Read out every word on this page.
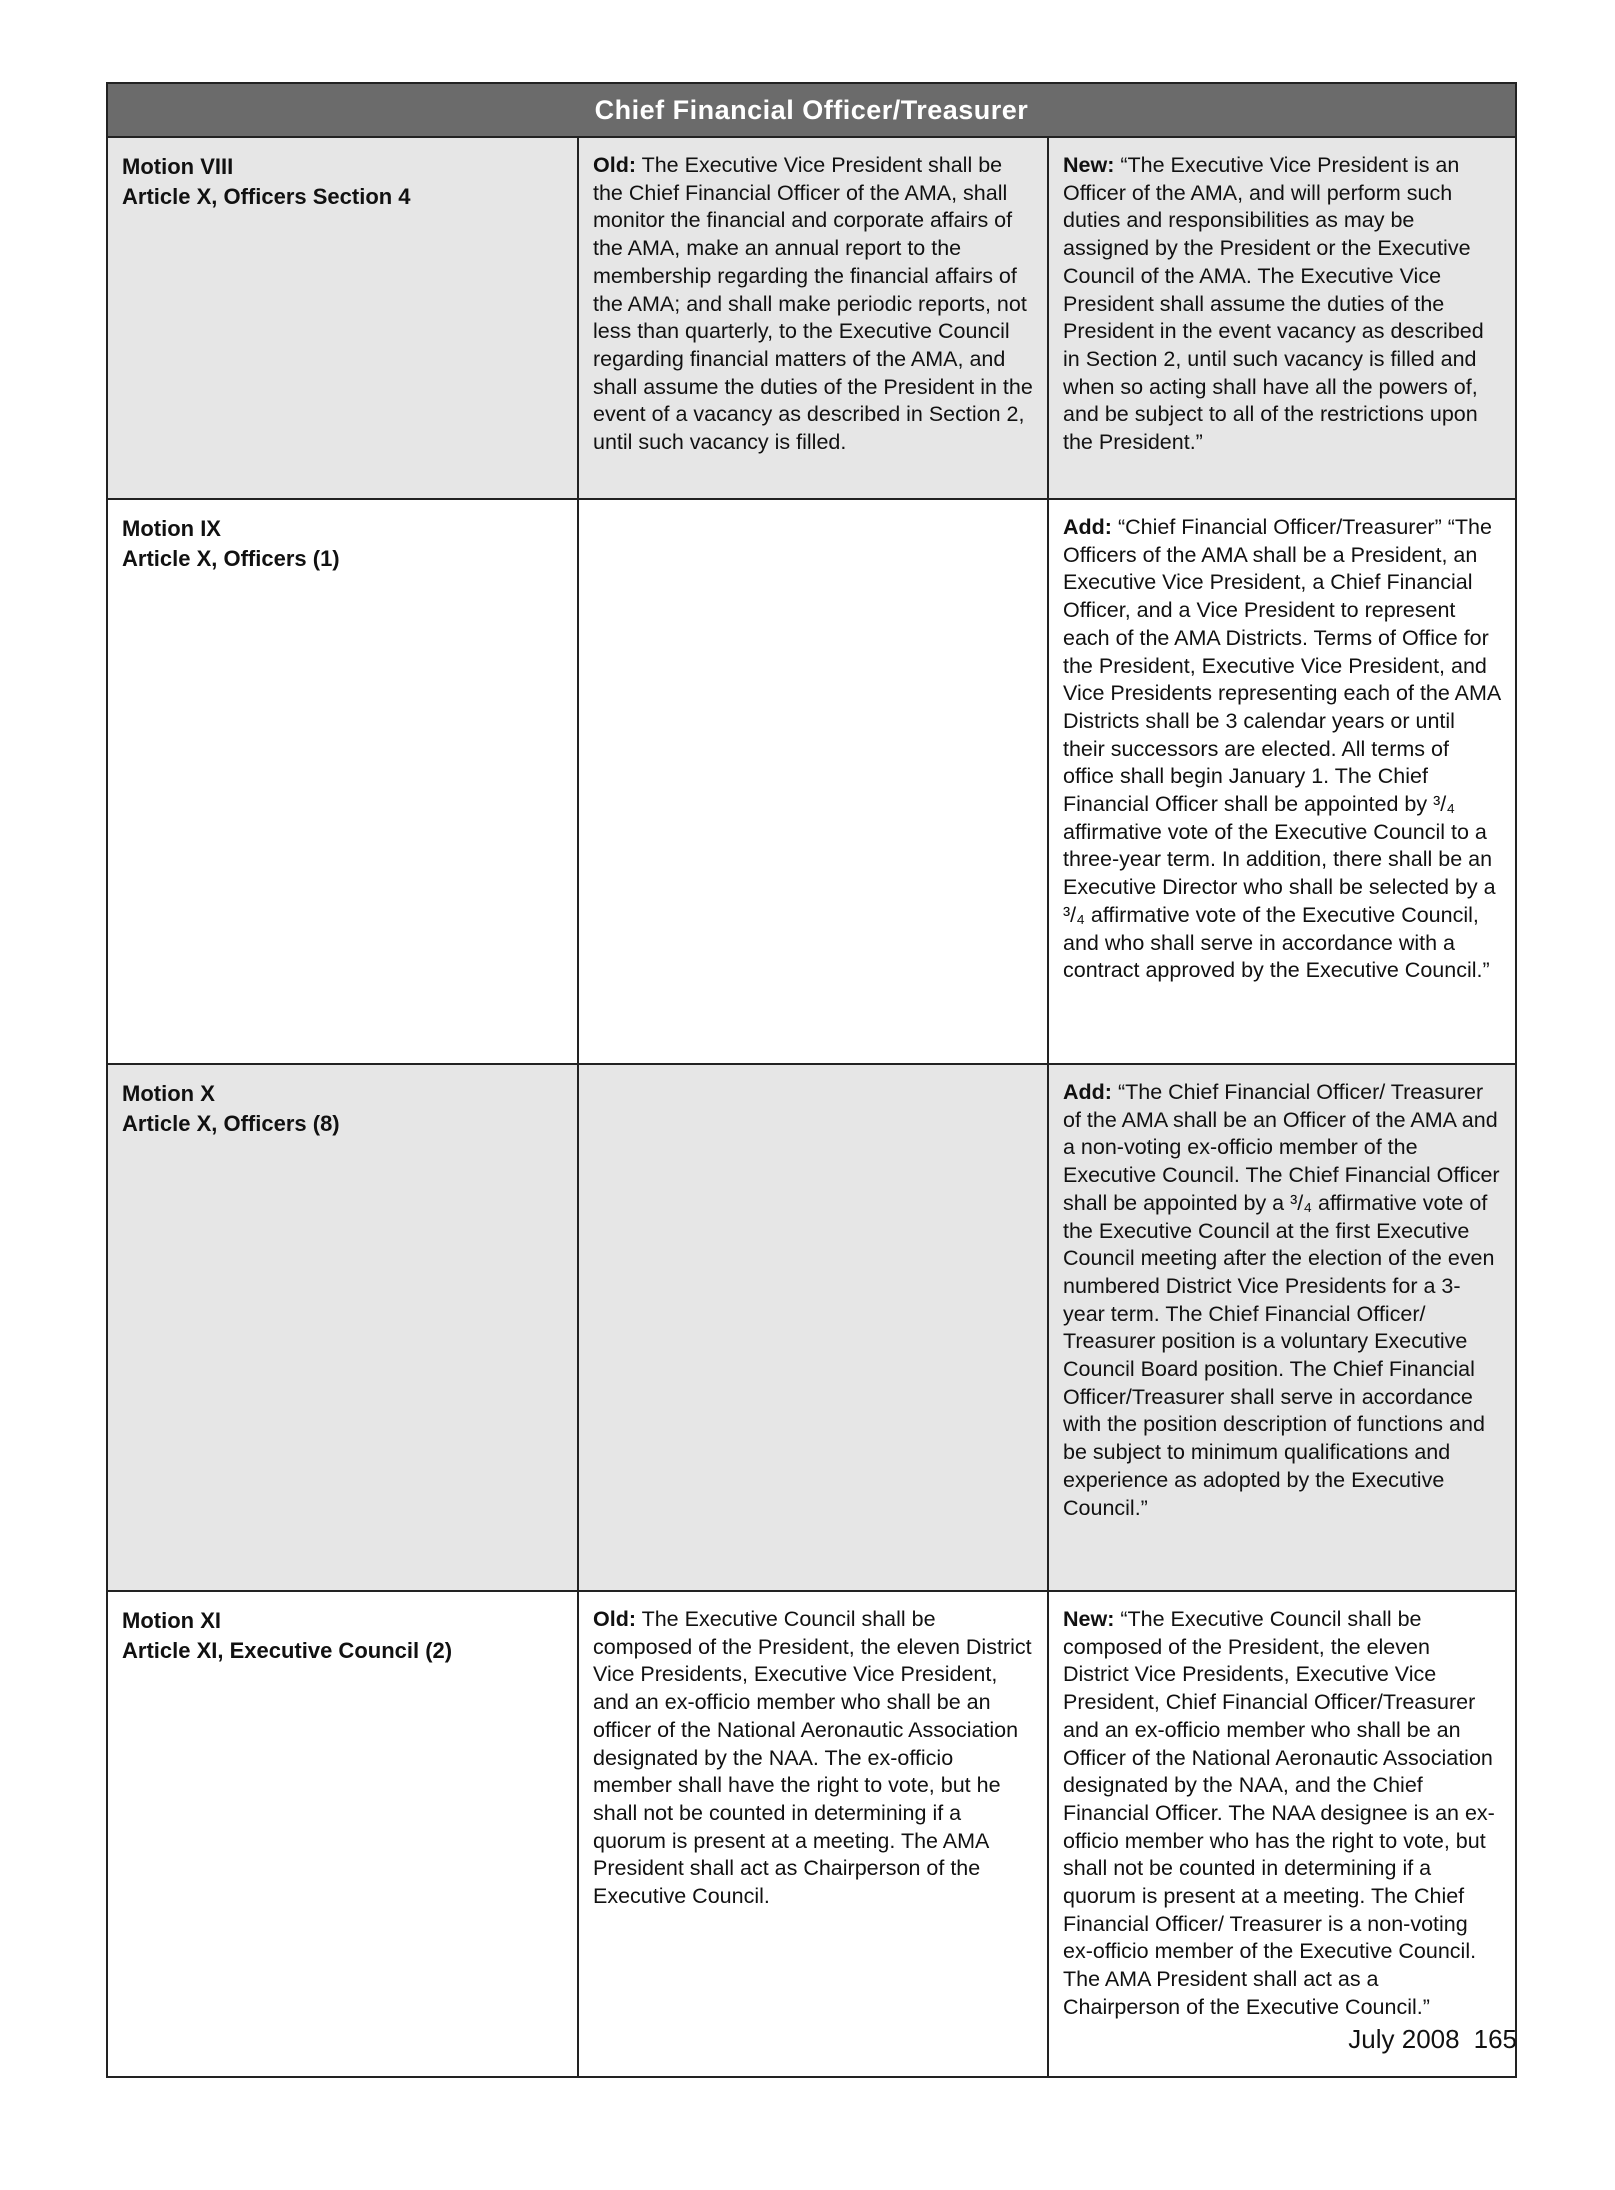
Chief Financial Officer/Treasurer
Motion VIII
Article X, Officers Section 4
Old: The Executive Vice President shall be the Chief Financial Officer of the AMA, shall monitor the financial and corporate affairs of the AMA, make an annual report to the membership regarding the financial affairs of the AMA; and shall make periodic reports, not less than quarterly, to the Executive Council regarding financial matters of the AMA, and shall assume the duties of the President in the event of a vacancy as described in Section 2, until such vacancy is filled.
New: “The Executive Vice President is an Officer of the AMA, and will perform such duties and responsibilities as may be assigned by the President or the Executive Council of the AMA. The Executive Vice President shall assume the duties of the President in the event vacancy as described in Section 2, until such vacancy is filled and when so acting shall have all the powers of, and be subject to all of the restrictions upon the President.”
Motion IX
Article X, Officers (1)
Add: “Chief Financial Officer/Treasurer” “The Officers of the AMA shall be a President, an Executive Vice President, a Chief Financial Officer, and a Vice President to represent each of the AMA Districts. Terms of Office for the President, Executive Vice President, and Vice Presidents representing each of the AMA Districts shall be 3 calendar years or until their successors are elected. All terms of office shall begin January 1. The Chief Financial Officer shall be appointed by ³/₄ affirmative vote of the Executive Council to a three-year term. In addition, there shall be an Executive Director who shall be selected by a ³/₄ affirmative vote of the Executive Council, and who shall serve in accordance with a contract approved by the Executive Council.”
Motion X
Article X, Officers (8)
Add: “The Chief Financial Officer/ Treasurer of the AMA shall be an Officer of the AMA and a non-voting ex-officio member of the Executive Council. The Chief Financial Officer shall be appointed by a ³/₄ affirmative vote of the Executive Council at the first Executive Council meeting after the election of the even numbered District Vice Presidents for a 3-year term. The Chief Financial Officer/ Treasurer position is a voluntary Executive Council Board position. The Chief Financial Officer/Treasurer shall serve in accordance with the position description of functions and be subject to minimum qualifications and experience as adopted by the Executive Council.”
Motion XI
Article XI, Executive Council (2)
Old: The Executive Council shall be composed of the President, the eleven District Vice Presidents, Executive Vice President, and an ex-officio member who shall be an officer of the National Aeronautic Association designated by the NAA. The ex-officio member shall have the right to vote, but he shall not be counted in determining if a quorum is present at a meeting. The AMA President shall act as Chairperson of the Executive Council.
New: “The Executive Council shall be composed of the President, the eleven District Vice Presidents, Executive Vice President, Chief Financial Officer/Treasurer and an ex-officio member who shall be an Officer of the National Aeronautic Association designated by the NAA, and the Chief Financial Officer. The NAA designee is an ex-officio member who has the right to vote, but shall not be counted in determining if a quorum is present at a meeting. The Chief Financial Officer/ Treasurer is a non-voting ex-officio member of the Executive Council. The AMA President shall act as a Chairperson of the Executive Council.”
July 2008 165
